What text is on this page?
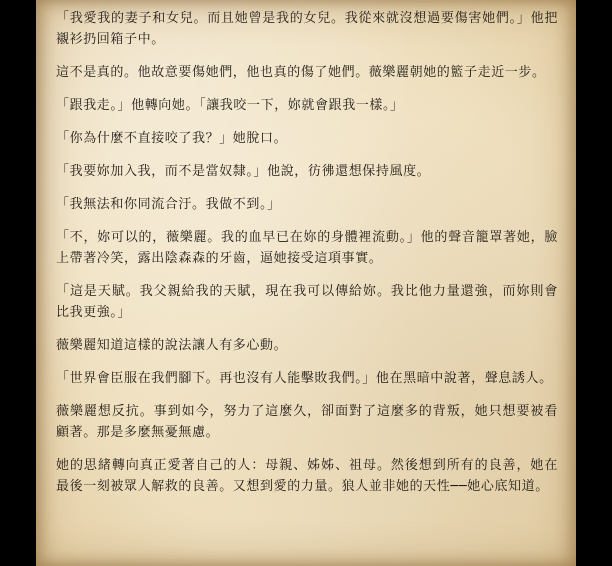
「我愛我的妻子和女兒。而且她曾是我的女兒。我從來就沒想過要傷害她們。」他把襯衫扔回箱子中。

這不是真的。他故意要傷她們，他也真的傷了她們。薇樂麗朝她的籃子走近一步。

「跟我走。」他轉向她。「讓我咬一下，妳就會跟我一樣。」

「你為什麼不直接咬了我？」她脫口。

「我要妳加入我，而不是當奴隸。」他說，彷彿還想保持風度。

「我無法和你同流合汙。我做不到。」

「不，妳可以的，薇樂麗。我的血早已在妳的身體裡流動。」他的聲音籠罩著她，臉上帶著冷笑，露出陰森森的牙齒，逼她接受這項事實。

「這是天賦。我父親給我的天賦，現在我可以傳給妳。我比他力量還強，而妳則會比我更強。」

薇樂麗知道這樣的說法讓人有多心動。

「世界會臣服在我們腳下。再也沒有人能擊敗我們。」他在黑暗中說著，聲息誘人。

薇樂麗想反抗。事到如今，努力了這麼久，卻面對了這麼多的背叛，她只想要被看顧著。那是多麼無憂無慮。

她的思緒轉向真正愛著自己的人：母親、姊姊、祖母。然後想到所有的良善，她在最後一刻被眾人解救的良善。又想到愛的力量。狼人並非她的天性──她心底知道。
